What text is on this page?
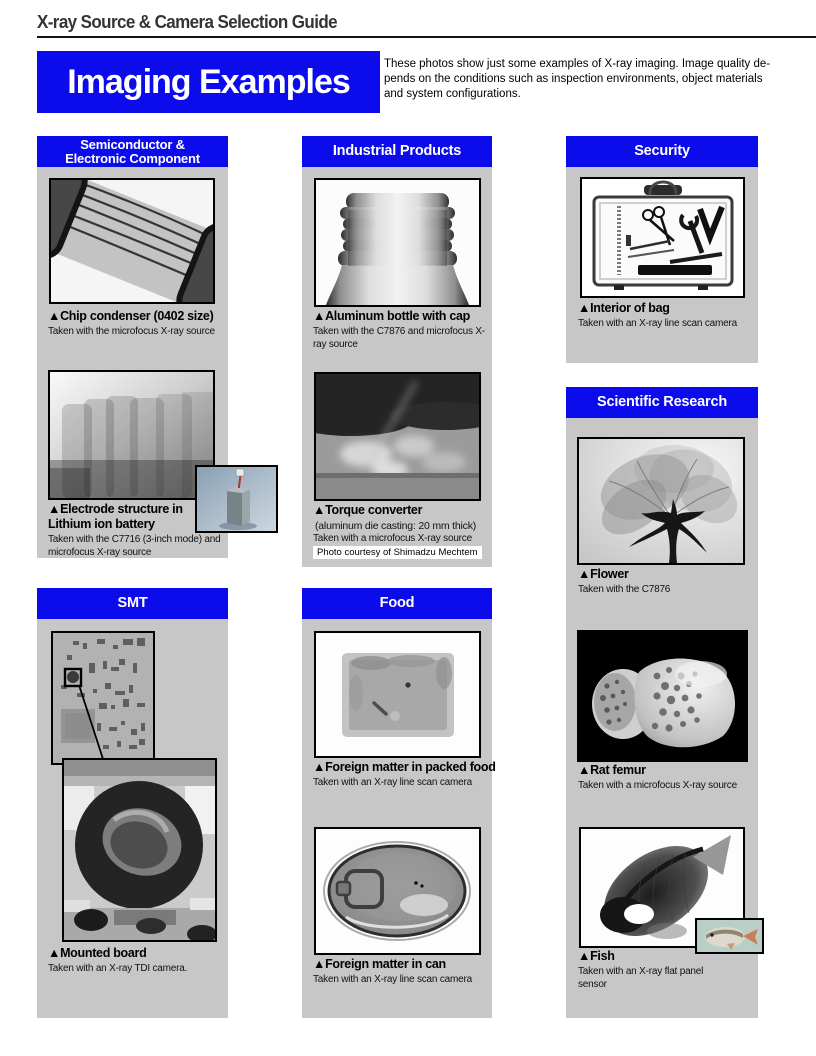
X-ray Source & Camera Selection Guide
Imaging Examples	These photos show just some examples of X-ray imaging. Image quality de-
pends on the conditions such as inspection environments, object materials
and system configurations.
Semiconductor &
Electronic Component
▲Chip condenser (0402 size)
Taken with the microfocus X-ray source
▲Electrode structure in Lithium ion battery
Taken with the C7716 (3-inch mode) and microfocus X-ray source
SMT
▲Mounted board
Taken with an X-ray TDI camera.
Industrial Products
▲Aluminum bottle with cap
Taken with the C7876 and microfocus X-ray source
▲Torque converter
(aluminum die casting: 20 mm thick)
Taken with a microfocus X-ray source
Photo courtesy of Shimadzu Mechtem
Food
▲Foreign matter in packed food
Taken with an X-ray line scan camera
▲Foreign matter in can
Taken with an X-ray line scan camera
Security
▲Interior of bag
Taken with an X-ray line scan camera
Scientific Research
▲Flower
Taken with the C7876
▲Rat femur
Taken with a microfocus X-ray source
▲Fish
Taken with an X-ray flat panel sensor
